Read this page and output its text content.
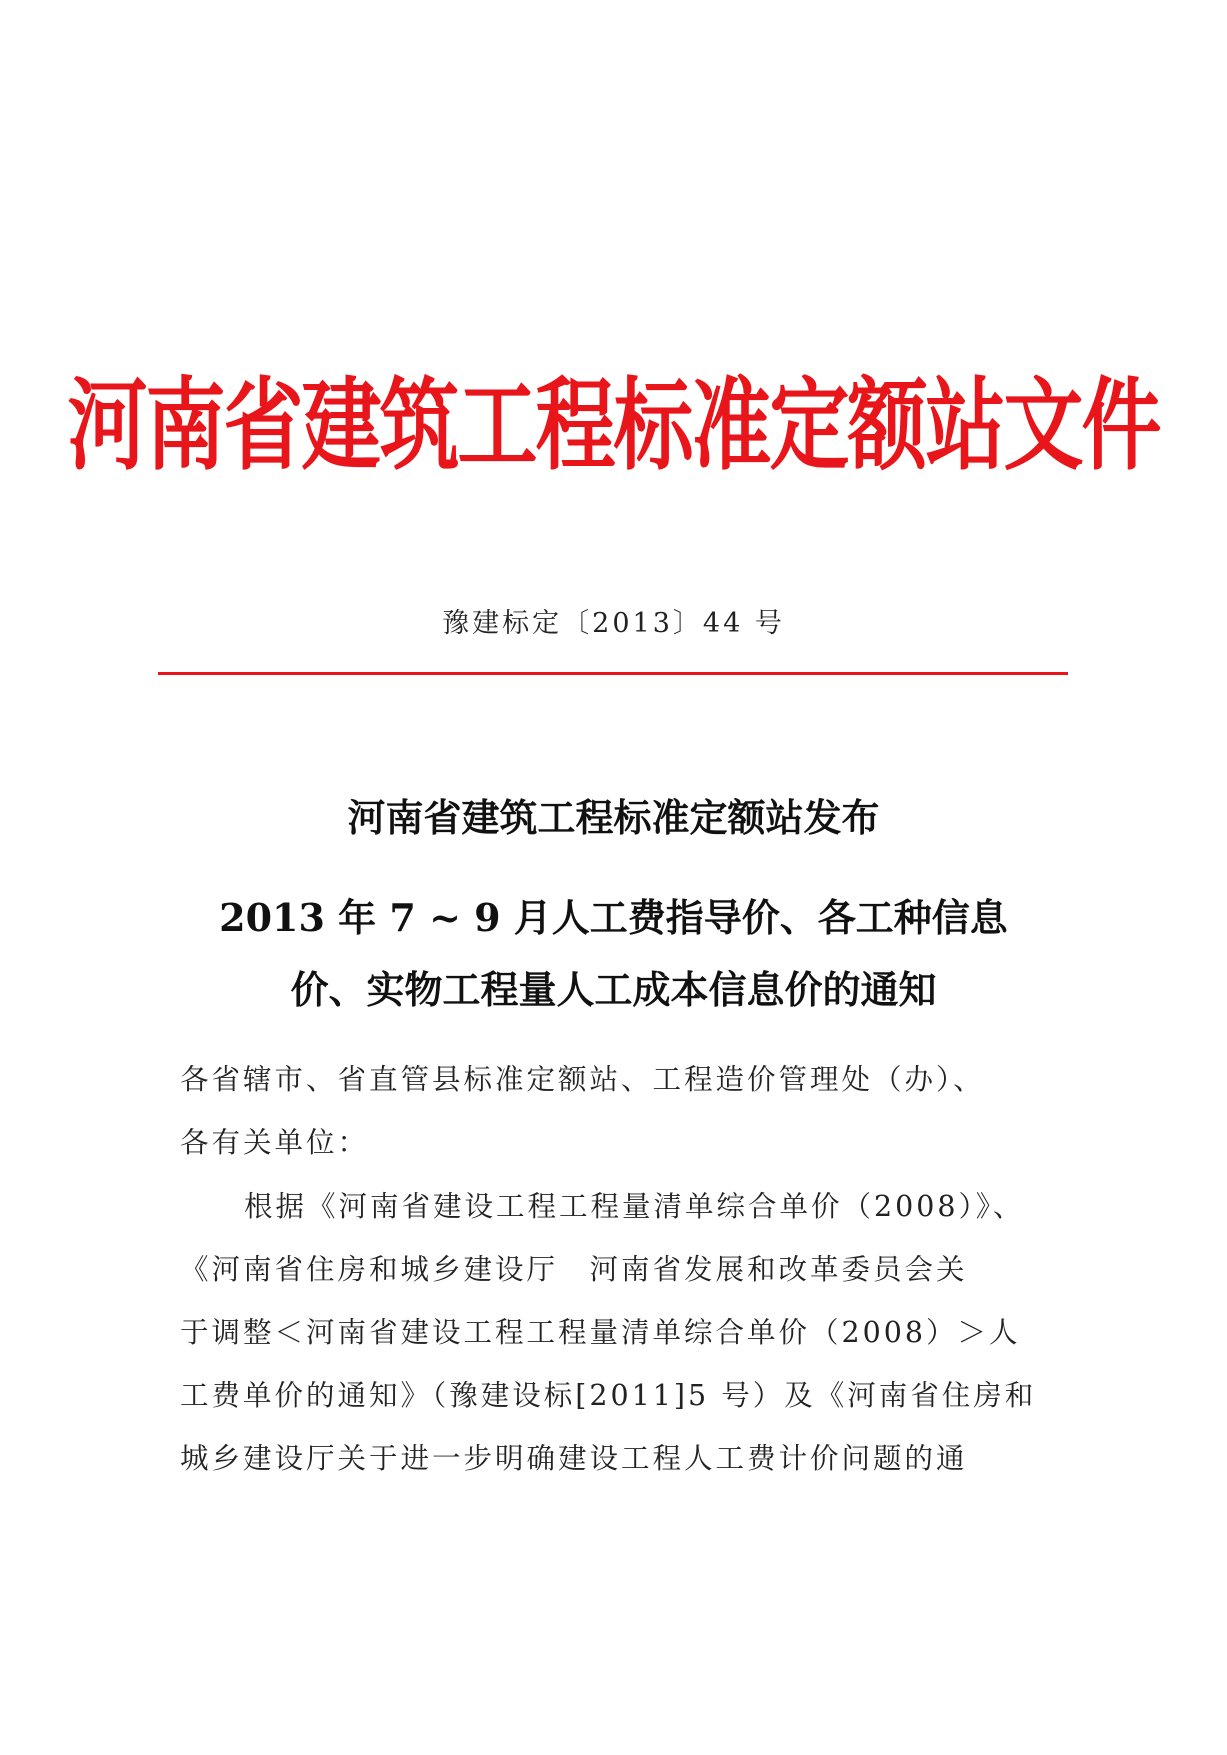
河南省建筑工程标准定额站文件
豫建标定〔2013〕44 号
河南省建筑工程标准定额站发布
2013 年 7 ~ 9 月人工费指导价、各工种信息
价、实物工程量人工成本信息价的通知
各省辖市、省直管县标准定额站、工程造价管理处（办）、
各有关单位：
根据《河南省建设工程工程量清单综合单价（2008）》、
《河南省住房和城乡建设厅　河南省发展和改革委员会关
于调整＜河南省建设工程工程量清单综合单价（2008）＞人
工费单价的通知》（豫建设标[2011]5 号）及《河南省住房和
城乡建设厅关于进一步明确建设工程人工费计价问题的通
